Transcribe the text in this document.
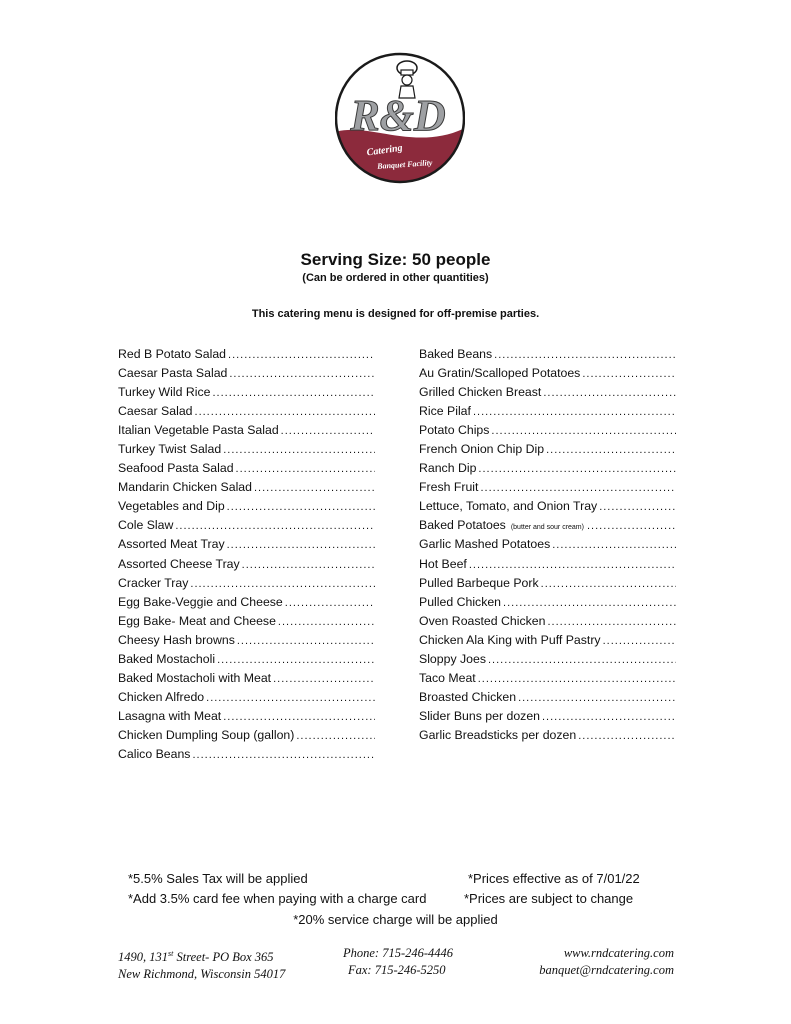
R&D
Catering
Banquet Facility
Serving Size: 50 people
(Can be ordered in other quantities)
This catering menu is designed for off-premise parties.
Red B Potato Salad
.....
Caesar Pasta Salad
.....
Turkey Wild Rice
.....
Caesar Salad
.....
Italian Vegetable Pasta Salad
.....
Turkey Twist Salad
.....
Seafood Pasta Salad
.....
Mandarin Chicken Salad
.....
Vegetables and Dip
.....
Cole Slaw
.....
Assorted Meat Tray
.....
Assorted Cheese Tray
.....
Cracker Tray
.....
Egg Bake-Veggie and Cheese
.....
Egg Bake- Meat and Cheese
.....
Cheesy Hash browns
.....
Baked Mostacholi
.....
Baked Mostacholi with Meat
.....
Chicken Alfredo
.....
Lasagna with Meat
.....
Chicken Dumpling Soup (gallon)
.....
Calico Beans
.....
Baked Beans
.....
Au Gratin/Scalloped Potatoes
.....
Grilled Chicken Breast
.....
Rice Pilaf
.....
Potato Chips
.....
French Onion Chip Dip
.....
Ranch Dip
.....
Fresh Fruit
.....
Lettuce, Tomato, and Onion Tray
.....
Baked Potatoes (butter and sour cream)
.....
Garlic Mashed Potatoes
.....
Hot Beef
.....
Pulled Barbeque Pork
.....
Pulled Chicken
.....
Oven Roasted Chicken
.....
Chicken Ala King with Puff Pastry
.....
Sloppy Joes
.....
Taco Meat
.....
Broasted Chicken
.....
Slider Buns per dozen
.....
Garlic Breadsticks per dozen
.....
*5.5% Sales Tax will be applied	*Prices effective as of 7/01/22
*Add 3.5% card fee when paying with a charge card	*Prices are subject to change
*20% service charge will be applied
1490, 131st Street- PO Box 365
New Richmond, Wisconsin 54017
Phone: 715-246-4446
Fax: 715-246-5250
www.rndcatering.com
banquet@rndcatering.com
